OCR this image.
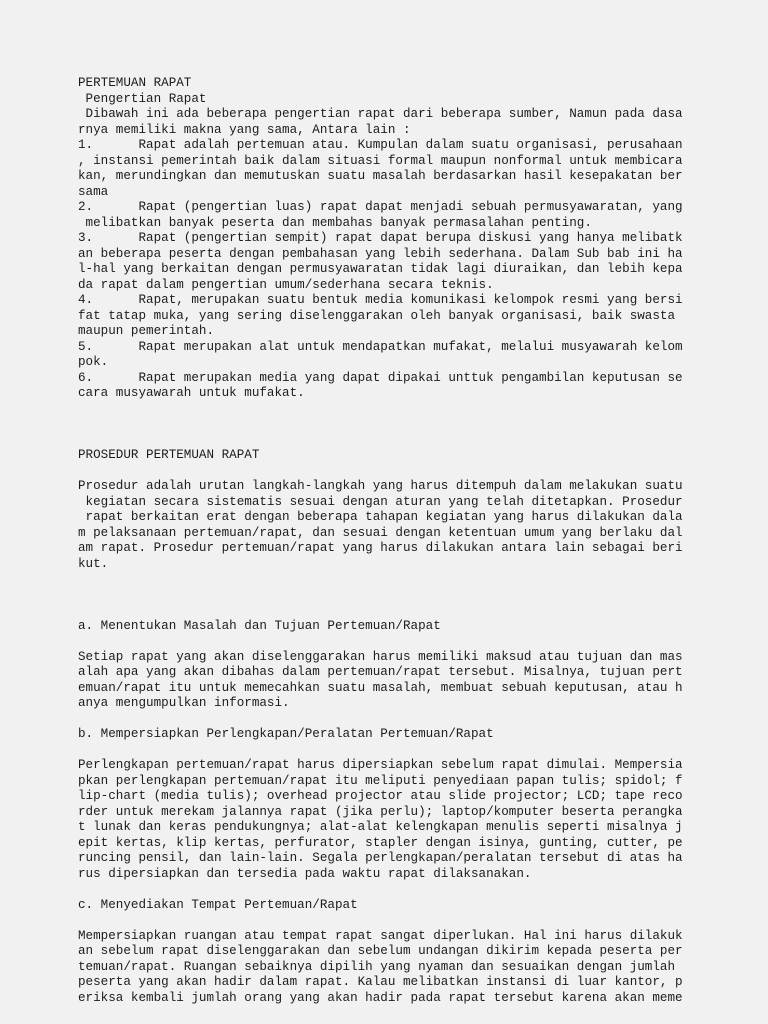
PERTEMUAN RAPAT
Pengertian Rapat
Dibawah ini ada beberapa pengertian rapat dari beberapa sumber, Namun pada dasa
rnya memiliki makna yang sama, Antara lain :
1.      Rapat adalah pertemuan atau. Kumpulan dalam suatu organisasi, perusahaan
, instansi pemerintah baik dalam situasi formal maupun nonformal untuk membicara
kan, merundingkan dan memutuskan suatu masalah berdasarkan hasil kesepakatan ber
sama
2.      Rapat (pengertian luas) rapat dapat menjadi sebuah permusyawaratan, yang
melibatkan banyak peserta dan membahas banyak permasalahan penting.
3.      Rapat (pengertian sempit) rapat dapat berupa diskusi yang hanya melibatk
an beberapa peserta dengan pembahasan yang lebih sederhana. Dalam Sub bab ini ha
l-hal yang berkaitan dengan permusyawaratan tidak lagi diuraikan, dan lebih kepa
da rapat dalam pengertian umum/sederhana secara teknis.
4.      Rapat, merupakan suatu bentuk media komunikasi kelompok resmi yang bersi
fat tatap muka, yang sering diselenggarakan oleh banyak organisasi, baik swasta
maupun pemerintah.
5.      Rapat merupakan alat untuk mendapatkan mufakat, melalui musyawarah kelom
pok.
6.      Rapat merupakan media yang dapat dipakai unttuk pengambilan keputusan se
cara musyawarah untuk mufakat.

PROSEDUR PERTEMUAN RAPAT

Prosedur adalah urutan langkah-langkah yang harus ditempuh dalam melakukan suatu
kegiatan secara sistematis sesuai dengan aturan yang telah ditetapkan. Prosedur
rapat berkaitan erat dengan beberapa tahapan kegiatan yang harus dilakukan dala
m pelaksanaan pertemuan/rapat, dan sesuai dengan ketentuan umum yang berlaku dal
am rapat. Prosedur pertemuan/rapat yang harus dilakukan antara lain sebagai beri
kut.

a. Menentukan Masalah dan Tujuan Pertemuan/Rapat

Setiap rapat yang akan diselenggarakan harus memiliki maksud atau tujuan dan mas
alah apa yang akan dibahas dalam pertemuan/rapat tersebut. Misalnya, tujuan pert
emuan/rapat itu untuk memecahkan suatu masalah, membuat sebuah keputusan, atau h
anya mengumpulkan informasi.

b. Mempersiapkan Perlengkapan/Peralatan Pertemuan/Rapat

Perlengkapan pertemuan/rapat harus dipersiapkan sebelum rapat dimulai. Mempersia
pkan perlengkapan pertemuan/rapat itu meliputi penyediaan papan tulis; spidol; f
lip-chart (media tulis); overhead projector atau slide projector; LCD; tape reco
rder untuk merekam jalannya rapat (jika perlu); laptop/komputer beserta perangka
t lunak dan keras pendukungnya; alat-alat kelengkapan menulis seperti misalnya j
epit kertas, klip kertas, perfurator, stapler dengan isinya, gunting, cutter, pe
runcing pensil, dan lain-lain. Segala perlengkapan/peralatan tersebut di atas ha
rus dipersiapkan dan tersedia pada waktu rapat dilaksanakan.

c. Menyediakan Tempat Pertemuan/Rapat

Mempersiapkan ruangan atau tempat rapat sangat diperlukan. Hal ini harus dilakuk
an sebelum rapat diselenggarakan dan sebelum undangan dikirim kepada peserta per
temuan/rapat. Ruangan sebaiknya dipilih yang nyaman dan sesuaikan dengan jumlah
peserta yang akan hadir dalam rapat. Kalau melibatkan instansi di luar kantor, p
eriksa kembali jumlah orang yang akan hadir pada rapat tersebut karena akan meme
